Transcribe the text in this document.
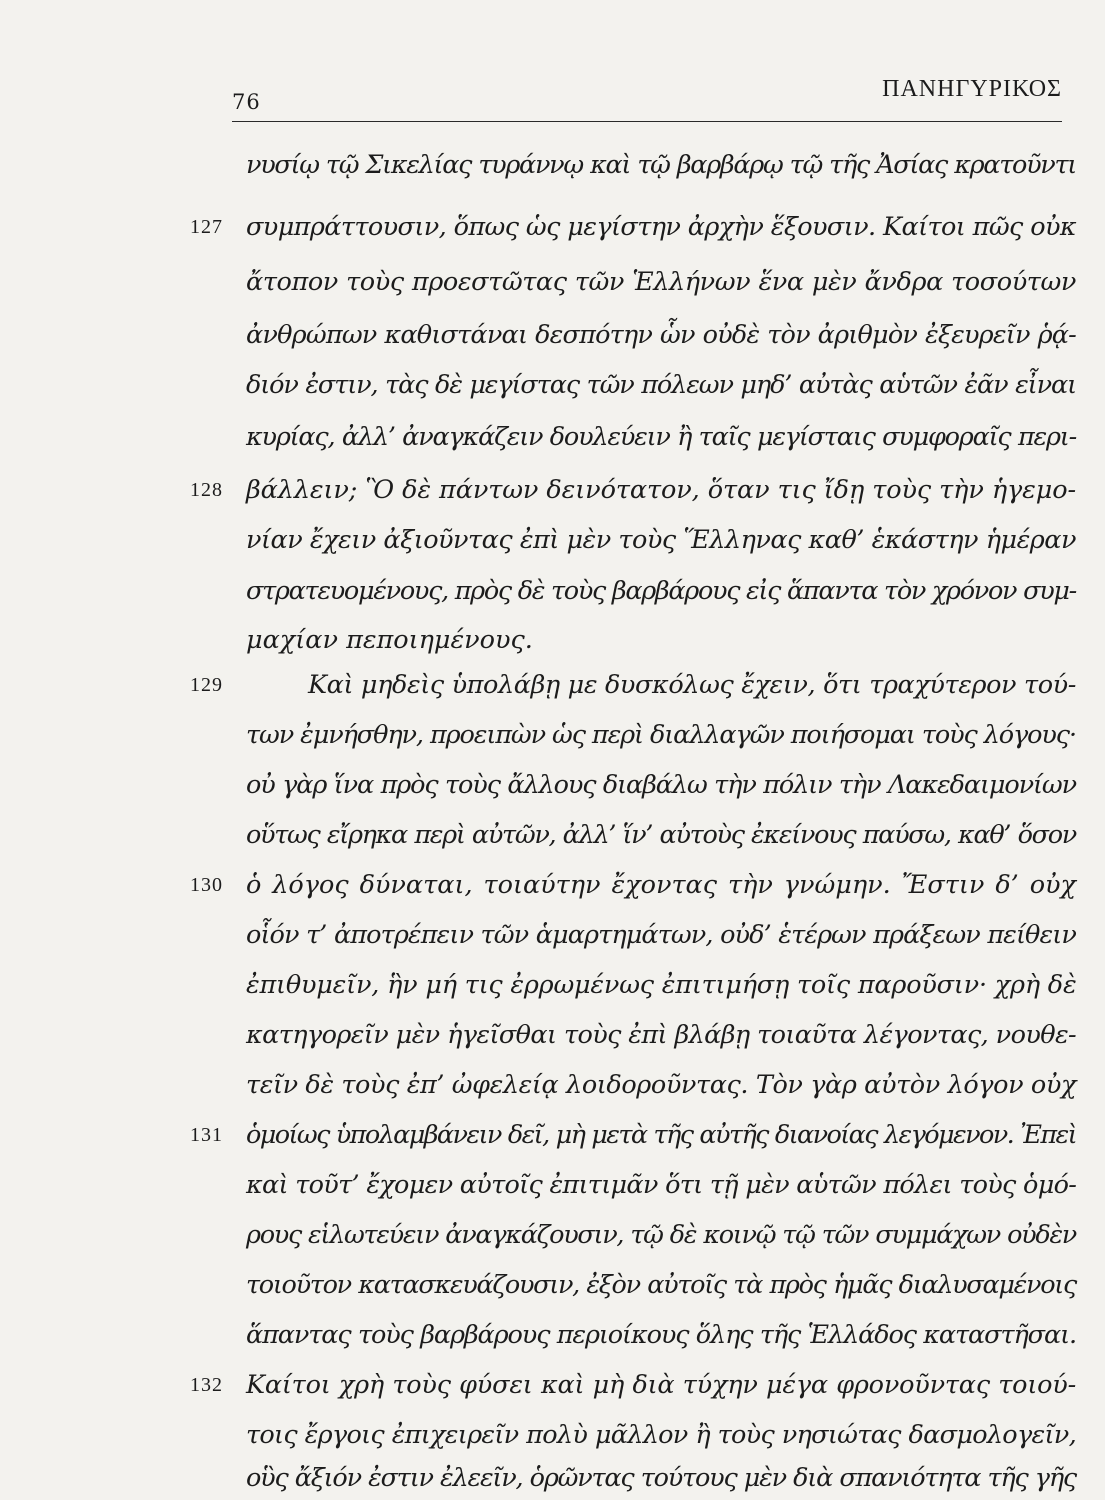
76	ΠΑΝΗΓΥΡΙΚΟΣ
νυσίῳ τῷ Σικελίας τυράννῳ καὶ τῷ βαρβάρῳ τῷ τῆς Ἀσίας κρατοῦντι
συμπράττουσιν, ὅπως ὡς μεγίστην ἀρχὴν ἕξουσιν. Καίτοι πῶς οὐκ
ἄτοπον τοὺς προεστῶτας τῶν Ἑλλήνων ἕνα μὲν ἄνδρα τοσούτων
ἀνθρώπων καθιστάναι δεσπότην ὧν οὐδὲ τὸν ἀριθμὸν ἐξευρεῖν ῥᾴ-
διόν ἐστιν, τὰς δὲ μεγίστας τῶν πόλεων μηδ’ αὐτὰς αὑτῶν ἐᾶν εἶναι
κυρίας, ἀλλ’ ἀναγκάζειν δουλεύειν ἢ ταῖς μεγίσταις συμφοραῖς περι-
βάλλειν; Ὃ δὲ πάντων δεινότατον, ὅταν τις ἴδῃ τοὺς τὴν ἡγεμο-
νίαν ἔχειν ἀξιοῦντας ἐπὶ μὲν τοὺς Ἕλληνας καθ’ ἑκάστην ἡμέραν
στρατευομένους, πρὸς δὲ τοὺς βαρβάρους εἰς ἅπαντα τὸν χρόνον συμ-
μαχίαν πεποιημένους.
Καὶ μηδεὶς ὑπολάβῃ με δυσκόλως ἔχειν, ὅτι τραχύτερον τού-
των ἐμνήσθην, προειπὼν ὡς περὶ διαλλαγῶν ποιήσομαι τοὺς λόγους·
οὐ γὰρ ἵνα πρὸς τοὺς ἄλλους διαβάλω τὴν πόλιν τὴν Λακεδαιμονίων
οὕτως εἴρηκα περὶ αὐτῶν, ἀλλ’ ἵν’ αὐτοὺς ἐκείνους παύσω, καθ’ ὅσον
ὁ λόγος δύναται, τοιαύτην ἔχοντας τὴν γνώμην. Ἔστιν δ’ οὐχ
οἷόν τ’ ἀποτρέπειν τῶν ἁμαρτημάτων, οὐδ’ ἑτέρων πράξεων πείθειν
ἐπιθυμεῖν, ἣν μή τις ἐρρωμένως ἐπιτιμήσῃ τοῖς παροῦσιν· χρὴ δὲ
κατηγορεῖν μὲν ἡγεῖσθαι τοὺς ἐπὶ βλάβῃ τοιαῦτα λέγοντας, νουθε-
τεῖν δὲ τοὺς ἐπ’ ὠφελείᾳ λοιδοροῦντας. Τὸν γὰρ αὐτὸν λόγον οὐχ
ὁμοίως ὑπολαμβάνειν δεῖ, μὴ μετὰ τῆς αὐτῆς διανοίας λεγόμενον. Ἐπεὶ
καὶ τοῦτ’ ἔχομεν αὐτοῖς ἐπιτιμᾶν ὅτι τῇ μὲν αὑτῶν πόλει τοὺς ὁμό-
ρους εἱλωτεύειν ἀναγκάζουσιν, τῷ δὲ κοινῷ τῷ τῶν συμμάχων οὐδὲν
τοιοῦτον κατασκευάζουσιν, ἐξὸν αὐτοῖς τὰ πρὸς ἡμᾶς διαλυσαμένοις
ἅπαντας τοὺς βαρβάρους περιοίκους ὅλης τῆς Ἑλλάδος καταστῆσαι.
Καίτοι χρὴ τοὺς φύσει καὶ μὴ διὰ τύχην μέγα φρονοῦντας τοιού-
τοις ἔργοις ἐπιχειρεῖν πολὺ μᾶλλον ἢ τοὺς νησιώτας δασμολογεῖν,
οὓς ἄξιόν ἐστιν ἐλεεῖν, ὁρῶντας τούτους μὲν διὰ σπανιότητα τῆς γῆς
127
128
129
130
131
132
